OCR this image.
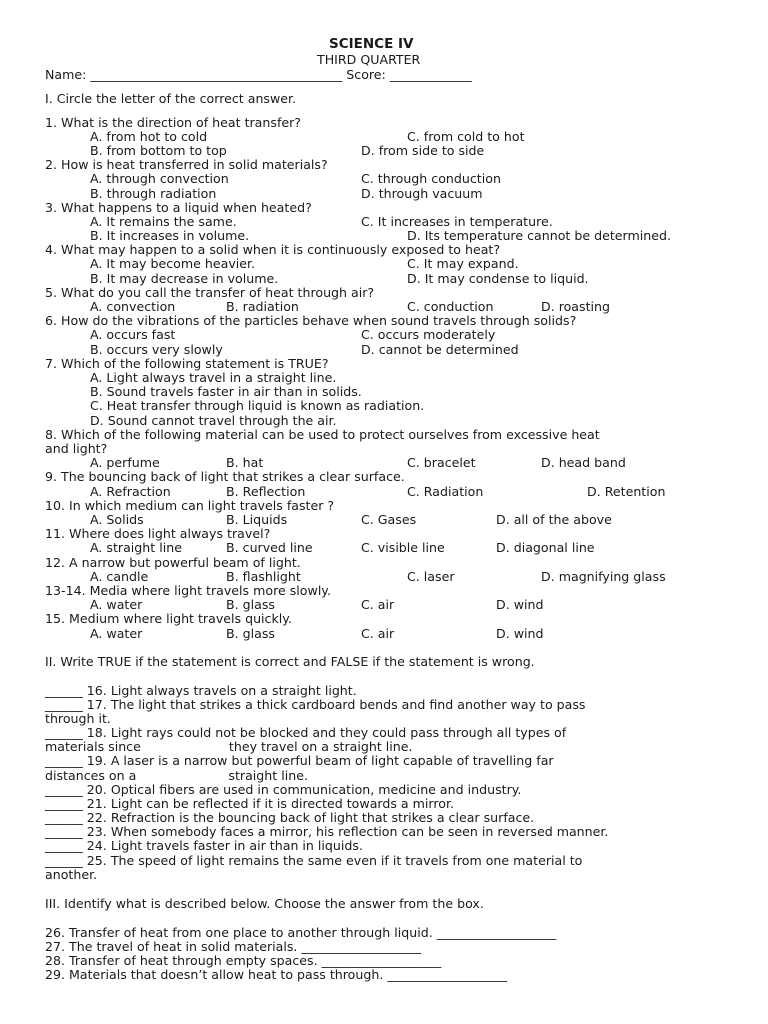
SCIENCE IV
THIRD QUARTER
Name: ________________________________________ Score: _____________
I. Circle the letter of the correct answer.
1. What is the direction of heat transfer?
A. from hot to cold	C. from cold to hot
B. from bottom to top	D. from side to side
2. How is heat transferred in solid materials?
A. through convection	C. through conduction
B. through radiation	D. through vacuum
3. What happens to a liquid when heated?
A. It remains the same.	C. It increases in temperature.
B. It increases in volume.	D. Its temperature cannot be determined.
4. What may happen to a solid when it is continuously exposed to heat?
A. It may become heavier.	C. It may expand.
B. It may decrease in volume.	D. It may condense to liquid.
5. What do you call the transfer of heat through air?
A. convection	B. radiation	C. conduction	D. roasting
6. How do the vibrations of the particles behave when sound travels through solids?
A. occurs fast	C. occurs moderately
B. occurs very slowly	D. cannot be determined
7. Which of the following statement is TRUE?
A. Light always travel in a straight line.
B. Sound travels faster in air than in solids.
C. Heat transfer through liquid is known as radiation.
D. Sound cannot travel through the air.
8. Which of the following material can be used to protect ourselves from excessive heat
and light?
A. perfume	B. hat	C. bracelet	D. head band
9. The bouncing back of light that strikes a clear surface.
A. Refraction	B. Reflection	C. Radiation	D. Retention
10. In which medium can light travels faster ?
A. Solids	B. Liquids	C. Gases	D. all of the above
11. Where does light always travel?
A. straight line	B. curved line	C. visible line	D. diagonal line
12. A narrow but powerful beam of light.
A. candle	B. flashlight	C. laser	D. magnifying glass
13-14. Media where light travels more slowly.
A. water	B. glass	C. air	D. wind
15. Medium where light travels quickly.
A. water	B. glass	C. air	D. wind
II. Write TRUE if the statement is correct and FALSE if the statement is wrong.
______ 16. Light always travels on a straight light.
______ 17. The light that strikes a thick cardboard bends and find another way to pass
through it.
______ 18. Light rays could not be blocked and they could pass through all types of
materials since                      they travel on a straight line.
______ 19. A laser is a narrow but powerful beam of light capable of travelling far
distances on a                       straight line.
______ 20. Optical fibers are used in communication, medicine and industry.
______ 21. Light can be reflected if it is directed towards a mirror.
______ 22. Refraction is the bouncing back of light that strikes a clear surface.
______ 23. When somebody faces a mirror, his reflection can be seen in reversed manner.
______ 24. Light travels faster in air than in liquids.
______ 25. The speed of light remains the same even if it travels from one material to
another.
III. Identify what is described below. Choose the answer from the box.
26. Transfer of heat from one place to another through liquid. ___________________
27. The travel of heat in solid materials. ___________________
28. Transfer of heat through empty spaces. ___________________
29. Materials that doesn’t allow heat to pass through. ___________________
